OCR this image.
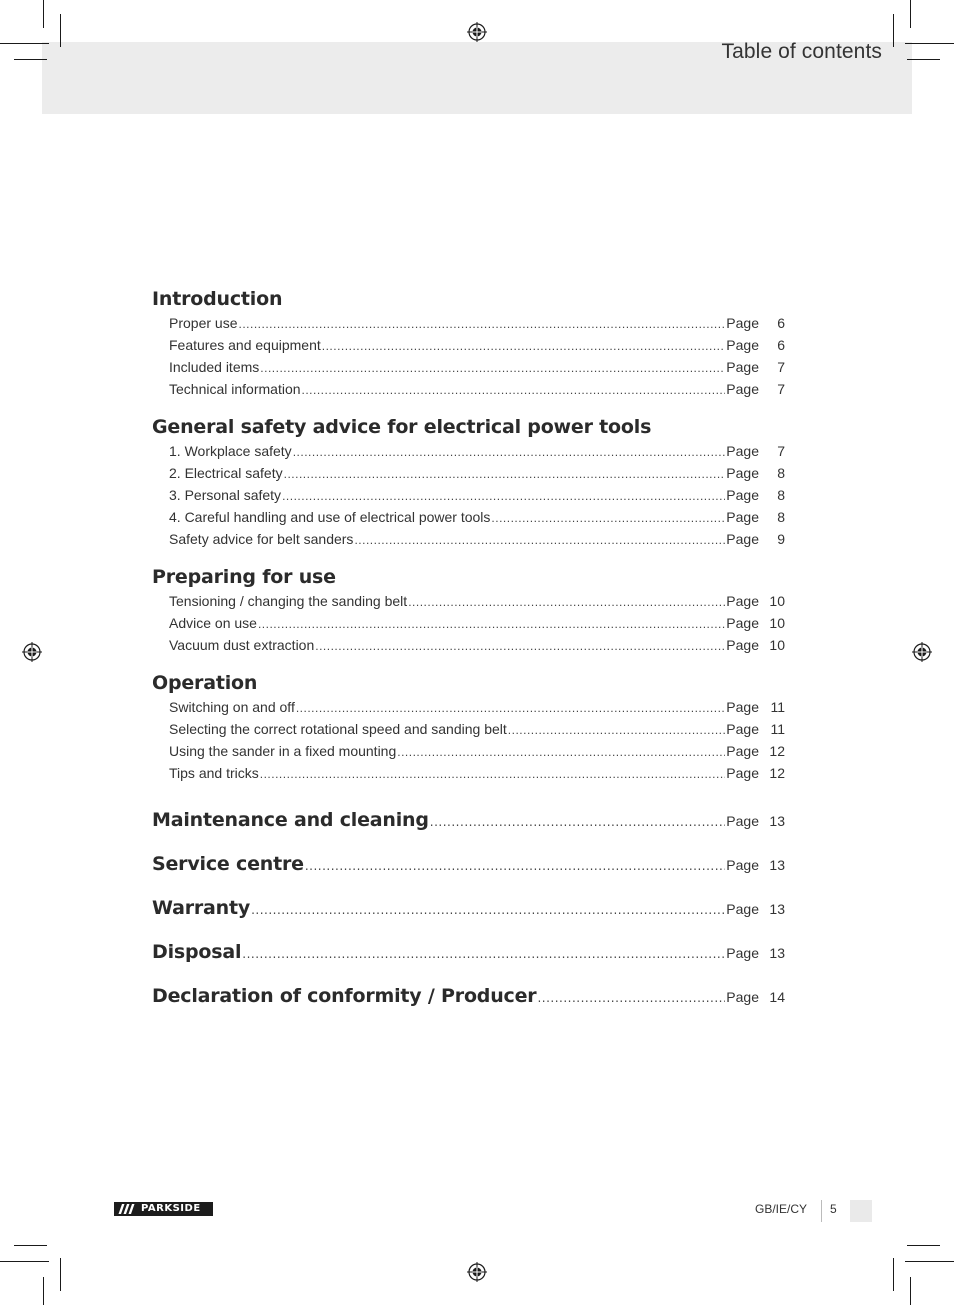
Table of contents
Introduction
Proper use .....	Page	6
Features and equipment .....	Page	6
Included items .....	Page	7
Technical information .....	Page	7
General safety advice for electrical power tools
1. Workplace safety .....	Page	7
2. Electrical safety .....	Page	8
3. Personal safety .....	Page	8
4. Careful handling and use of electrical power tools .....	Page	8
Safety advice for belt sanders .....	Page	9
Preparing for use
Tensioning / changing the sanding belt .....	Page 10
Advice on use .....	Page 10
Vacuum dust extraction .....	Page 10
Operation
Switching on and off .....	Page 11
Selecting the correct rotational speed and sanding belt .....	Page 11
Using the sander in a fixed mounting .....	Page 12
Tips and tricks .....	Page 12
Maintenance and cleaning .....	Page 13
Service centre .....	Page 13
Warranty .....	Page 13
Disposal .....	Page 13
Declaration of conformity / Producer .....	Page 14
PARKSIDE	GB/IE/CY 5
